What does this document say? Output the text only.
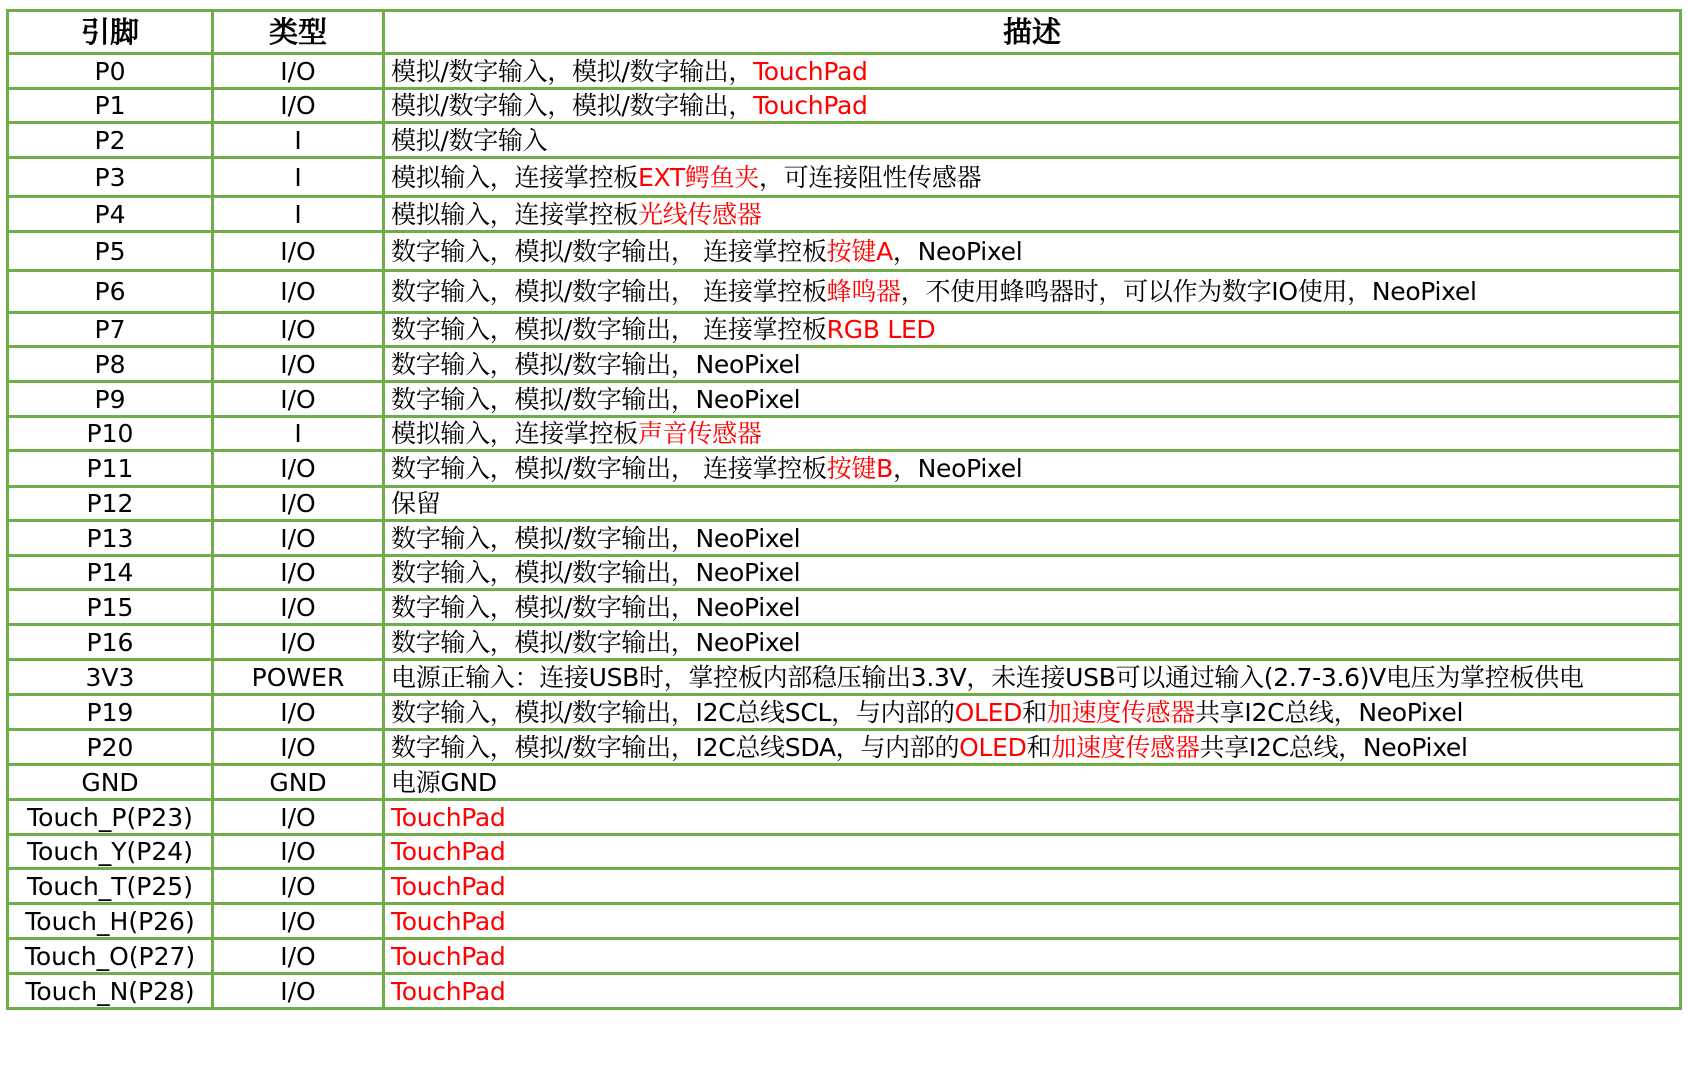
引脚	类型	描述
P0	I/O	模拟/数字输入，模拟/数字输出，TouchPad
P1	I/O	模拟/数字输入，模拟/数字输出，TouchPad
P2	I	模拟/数字输入
P3	I	模拟输入，连接掌控板EXT鳄鱼夹，可连接阻性传感器
P4	I	模拟输入，连接掌控板光线传感器
P5	I/O	数字输入，模拟/数字输出， 连接掌控板按键A，NeoPixel
P6	I/O	数字输入，模拟/数字输出， 连接掌控板蜂鸣器，不使用蜂鸣器时，可以作为数字IO使用，NeoPixel
P7	I/O	数字输入，模拟/数字输出， 连接掌控板RGB LED
P8	I/O	数字输入，模拟/数字输出，NeoPixel
P9	I/O	数字输入，模拟/数字输出，NeoPixel
P10	I	模拟输入，连接掌控板声音传感器
P11	I/O	数字输入，模拟/数字输出， 连接掌控板按键B，NeoPixel
P12	I/O	保留
P13	I/O	数字输入，模拟/数字输出，NeoPixel
P14	I/O	数字输入，模拟/数字输出，NeoPixel
P15	I/O	数字输入，模拟/数字输出，NeoPixel
P16	I/O	数字输入，模拟/数字输出，NeoPixel
3V3	POWER	电源正输入：连接USB时，掌控板内部稳压输出3.3V，未连接USB可以通过输入(2.7-3.6)V电压为掌控板供电
P19	I/O	数字输入，模拟/数字输出，I2C总线SCL，与内部的OLED和加速度传感器共享I2C总线，NeoPixel
P20	I/O	数字输入，模拟/数字输出，I2C总线SDA，与内部的OLED和加速度传感器共享I2C总线，NeoPixel
GND	GND	电源GND
Touch_P(P23)	I/O	TouchPad
Touch_Y(P24)	I/O	TouchPad
Touch_T(P25)	I/O	TouchPad
Touch_H(P26)	I/O	TouchPad
Touch_O(P27)	I/O	TouchPad
Touch_N(P28)	I/O	TouchPad
